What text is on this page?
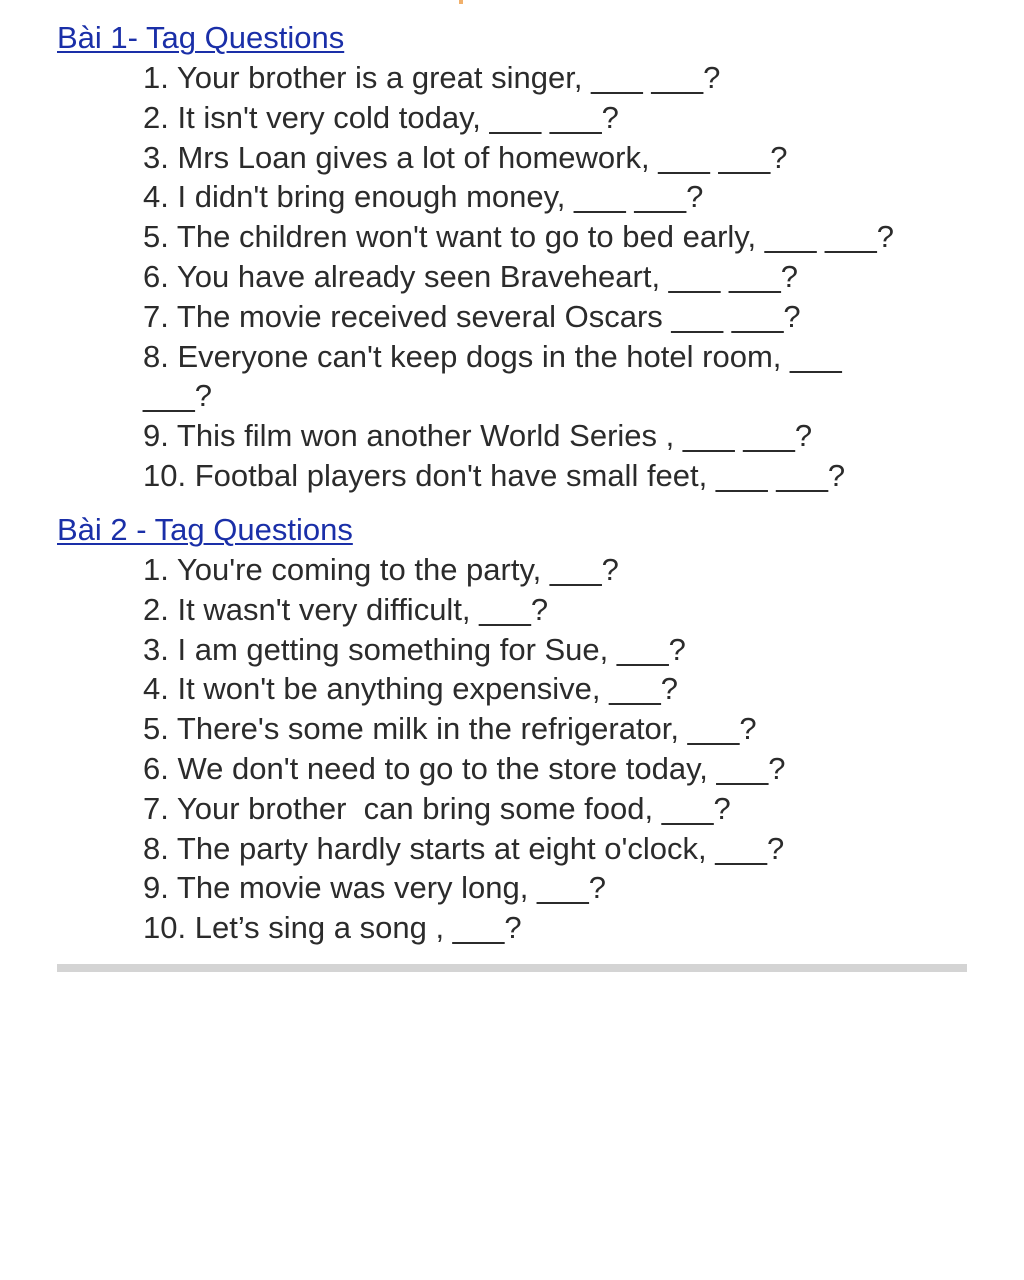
Bài 1- Tag Questions
1. Your brother is a great singer, ___ ___?
2. It isn't very cold today, ___ ___?
3. Mrs Loan gives a lot of homework, ___ ___?
4. I didn't bring enough money, ___ ___?
5. The children won't want to go to bed early, ___ ___?
6. You have already seen Braveheart, ___ ___?
7. The movie received several Oscars ___ ___?
8. Everyone can't keep dogs in the hotel room, ___ ___?
9. This film won another World Series , ___ ___?
10. Footbal players don't have small feet, ___ ___?
Bài 2 - Tag Questions
1. You're coming to the party, ___?
2. It wasn't very difficult, ___?
3. I am getting something for Sue, ___?
4. It won't be anything expensive, ___?
5. There's some milk in the refrigerator, ___?
6. We don't need to go to the store today, ___?
7. Your brother  can bring some food, ___?
8. The party hardly starts at eight o'clock, ___?
9. The movie was very long, ___?
10. Let’s sing a song , ___?
